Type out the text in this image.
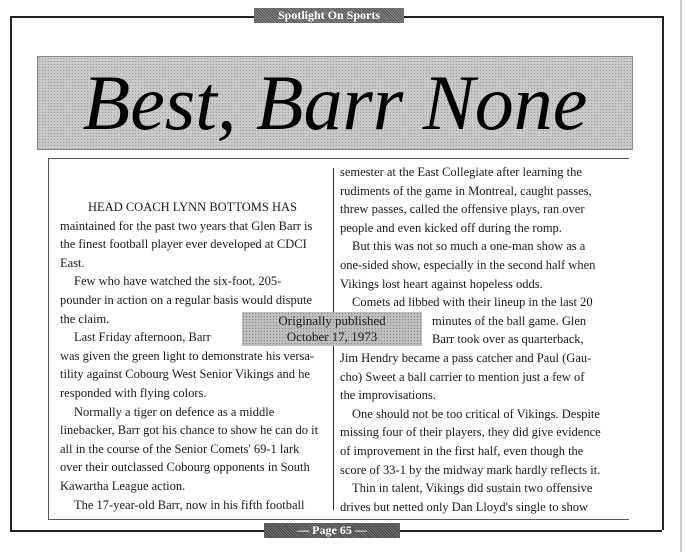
Spotlight On Sports
Best, Barr None
HEAD COACH LYNN BOTTOMS HAS
maintained for the past two years that Glen Barr is
the finest football player ever developed at CDCI
East.
Few who have watched the six-foot, 205-
pounder in action on a regular basis would dispute
the claim.
Last Friday afternoon, Barr
was given the green light to demonstrate his versa-
tility against Cobourg West Senior Vikings and he
responded with flying colors.
Normally a tiger on defence as a middle
linebacker, Barr got his chance to show he can do it
all in the course of the Senior Comets' 69-1 lark
over their outclassed Cobourg opponents in South
Kawartha League action.
The 17-year-old Barr, now in his fifth football
semester at the East Collegiate after learning the
rudiments of the game in Montreal, caught passes,
threw passes, called the offensive plays, ran over
people and even kicked off during the romp.
But this was not so much a one-man show as a
one-sided show, especially in the second half when
Vikings lost heart against hopeless odds.
Comets ad libbed with their lineup in the last 20
minutes of the ball game. Glen
Barr took over as quarterback,
Jim Hendry became a pass catcher and Paul (Gau-
cho) Sweet a ball carrier to mention just a few of
the improvisations.
One should not be too critical of Vikings. Despite
missing four of their players, they did give evidence
of improvement in the first half, even though the
score of 33-1 by the midway mark hardly reflects it.
Thin in talent, Vikings did sustain two offensive
drives but netted only Dan Lloyd's single to show
Originally published
October 17, 1973
— Page 65 —
